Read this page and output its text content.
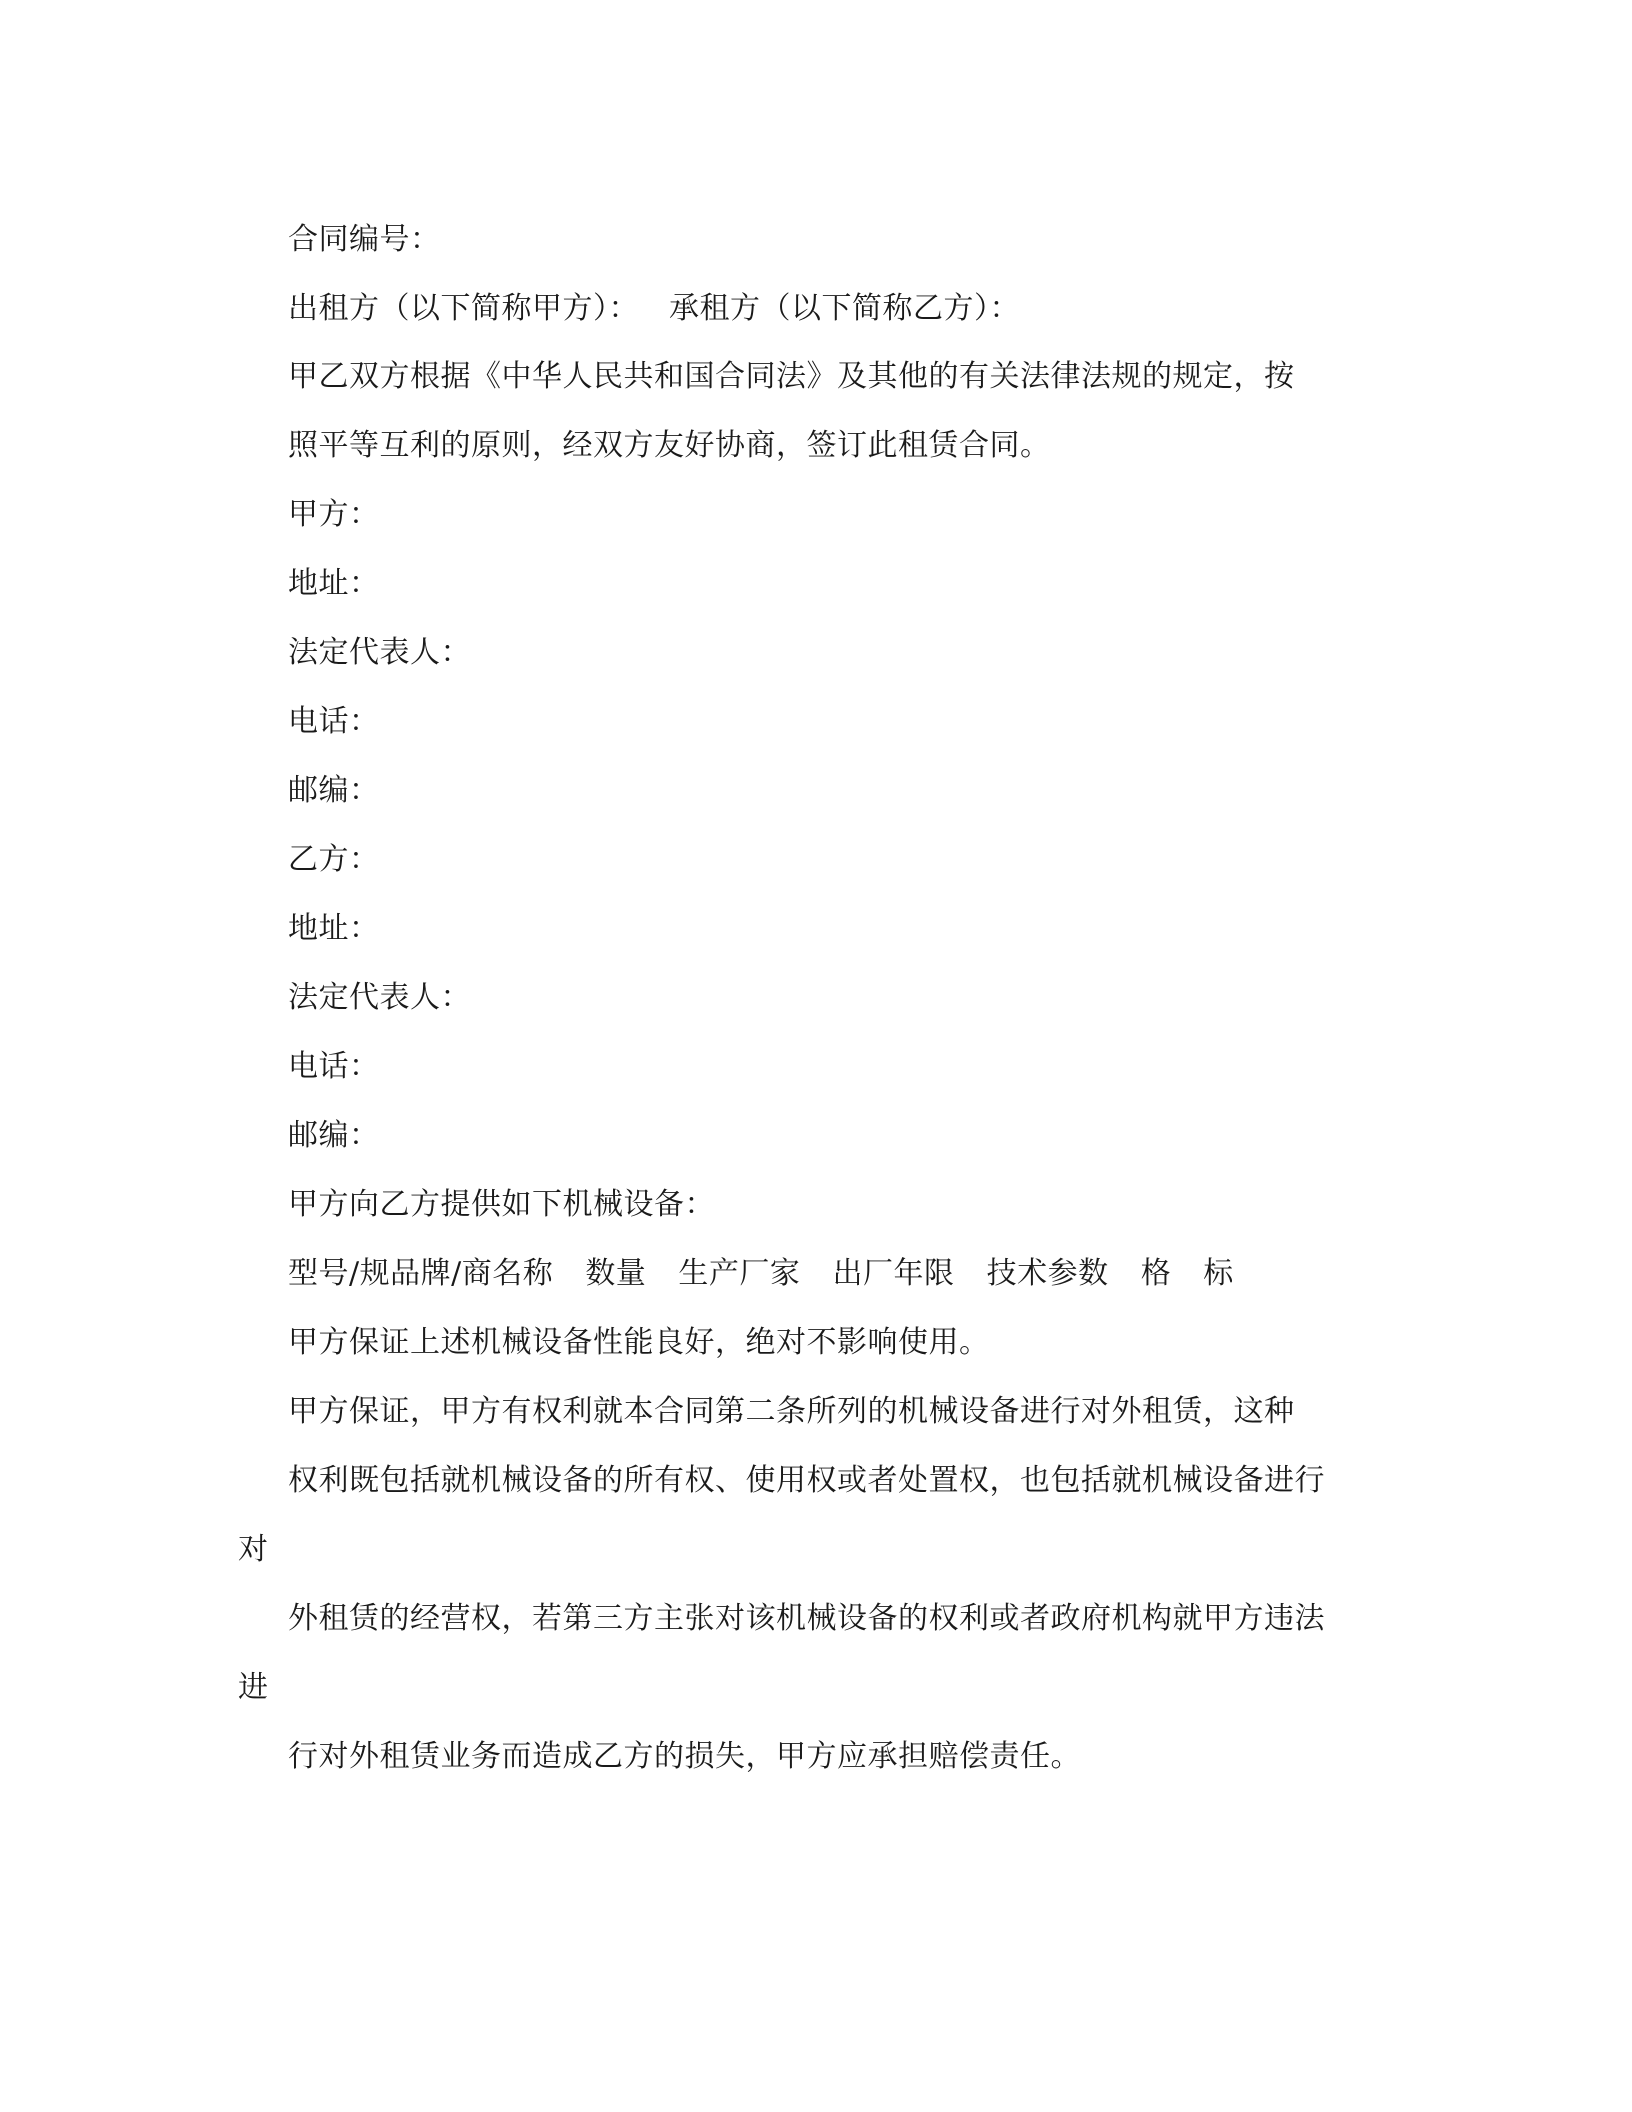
合同编号：
出租方（以下简称甲方）： 承租方（以下简称乙方）：
甲乙双方根据《中华人民共和国合同法》及其他的有关法律法规的规定，按
照平等互利的原则，经双方友好协商，签订此租赁合同。
甲方：
地址：
法定代表人：
电话：
邮编：
乙方：
地址：
法定代表人：
电话：
邮编：
甲方向乙方提供如下机械设备：
型号/规品牌/商名称 数量 生产厂家 出厂年限 技术参数 格 标
甲方保证上述机械设备性能良好，绝对不影响使用。
甲方保证，甲方有权利就本合同第二条所列的机械设备进行对外租赁，这种
权利既包括就机械设备的所有权、使用权或者处置权，也包括就机械设备进行
对
外租赁的经营权，若第三方主张对该机械设备的权利或者政府机构就甲方违法
进
行对外租赁业务而造成乙方的损失，甲方应承担赔偿责任。
